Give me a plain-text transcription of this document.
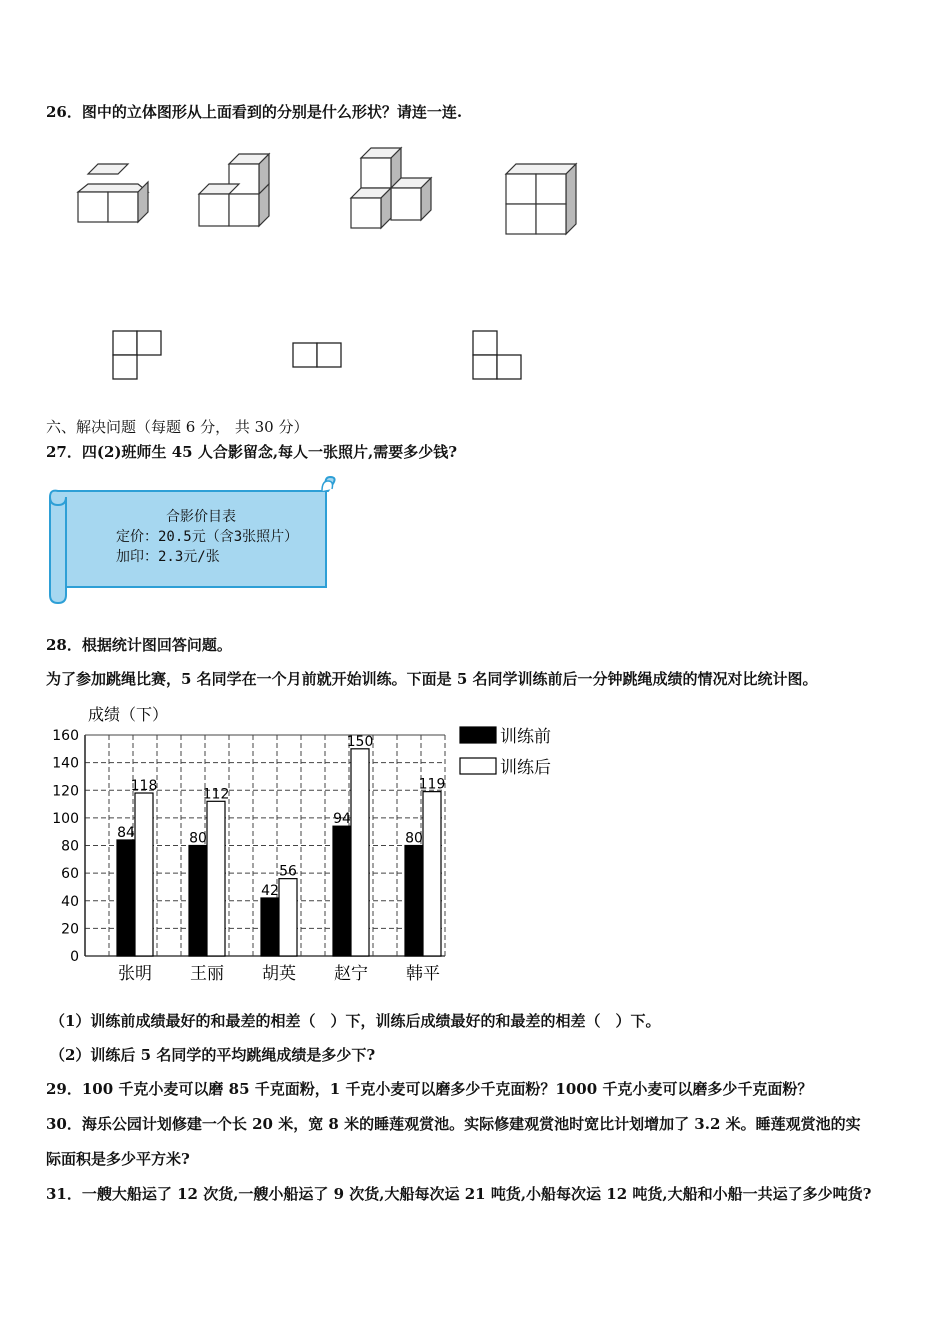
26．图中的立体图形从上面看到的分别是什么形状？请连一连.
六、解决问题（每题 6 分， 共 30 分）
27．四(2)班师生 45 人合影留念,每人一张照片,需要多少钱?
合影价目表
定价：20.5元（含3张照片）
加印：2.3元/张
28．根据统计图回答问题。
为了参加跳绳比赛，5 名同学在一个月前就开始训练。下面是 5 名同学训练前后一分钟跳绳成绩的情况对比统计图。
成绩（下）
0
20
40
60
80
100
120
140
160
84
118
张明
80
112
王丽
42
56
胡英
94
150
赵宁
80
119
韩平
训练前
训练后
（1）训练前成绩最好的和最差的相差（　）下，训练后成绩最好的和最差的相差（　）下。
（2）训练后 5 名同学的平均跳绳成绩是多少下?
29．100 千克小麦可以磨 85 千克面粉，1 千克小麦可以磨多少千克面粉？1000 千克小麦可以磨多少千克面粉？
30．海乐公园计划修建一个长 20 米，宽 8 米的睡莲观赏池。实际修建观赏池时宽比计划增加了 3.2 米。睡莲观赏池的实
际面积是多少平方米?
31．一艘大船运了 12 次货,一艘小船运了 9 次货,大船每次运 21 吨货,小船每次运 12 吨货,大船和小船一共运了多少吨货?
